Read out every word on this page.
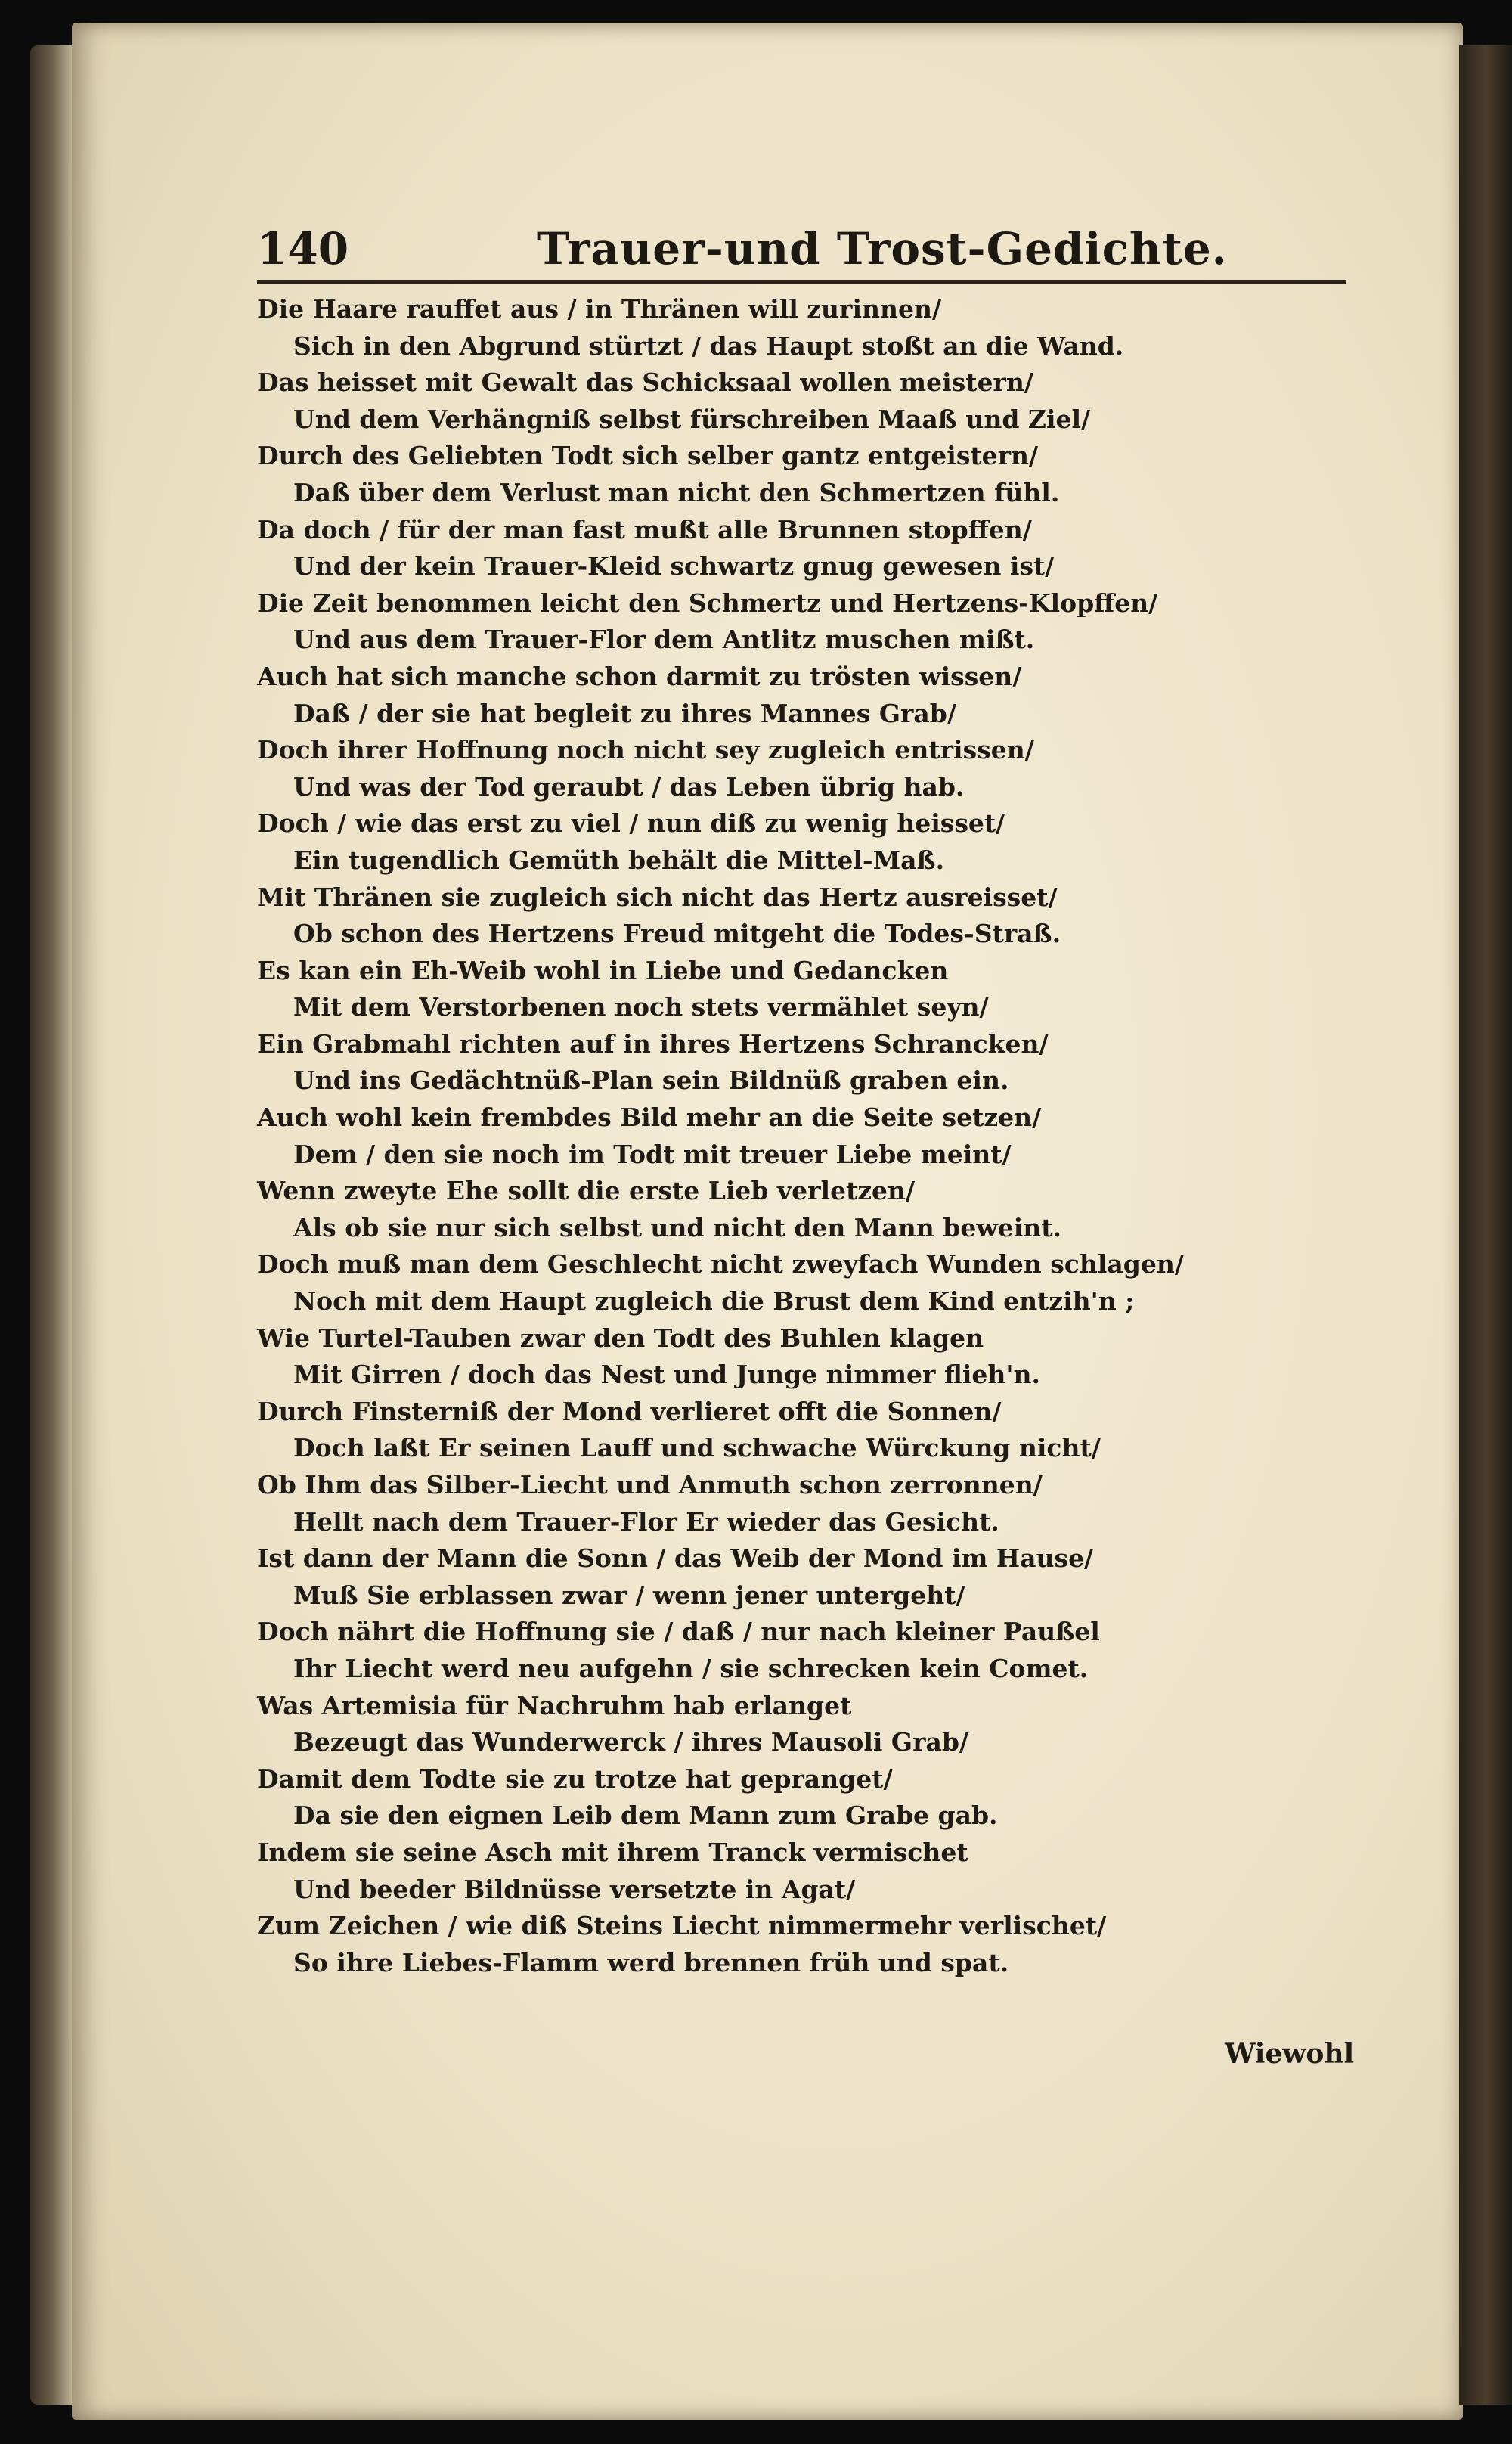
140	Trauer-und Trost-Gedichte.
Die Haare rauffet aus / in Thränen will zurinnen/
Sich in den Abgrund stürtzt / das Haupt stoßt an die Wand.
Das heisset mit Gewalt das Schicksaal wollen meistern/
Und dem Verhängniß selbst fürschreiben Maaß und Ziel/
Durch des Geliebten Todt sich selber gantz entgeistern/
Daß über dem Verlust man nicht den Schmertzen fühl.
Da doch / für der man fast mußt alle Brunnen stopffen/
Und der kein Trauer-Kleid schwartz gnug gewesen ist/
Die Zeit benommen leicht den Schmertz und Hertzens-Klopffen/
Und aus dem Trauer-Flor dem Antlitz muschen mißt.
Auch hat sich manche schon darmit zu trösten wissen/
Daß / der sie hat begleit zu ihres Mannes Grab/
Doch ihrer Hoffnung noch nicht sey zugleich entrissen/
Und was der Tod geraubt / das Leben übrig hab.
Doch / wie das erst zu viel / nun diß zu wenig heisset/
Ein tugendlich Gemüth behält die Mittel-Maß.
Mit Thränen sie zugleich sich nicht das Hertz ausreisset/
Ob schon des Hertzens Freud mitgeht die Todes-Straß.
Es kan ein Eh-Weib wohl in Liebe und Gedancken
Mit dem Verstorbenen noch stets vermählet seyn/
Ein Grabmahl richten auf in ihres Hertzens Schrancken/
Und ins Gedächtnüß-Plan sein Bildnüß graben ein.
Auch wohl kein frembdes Bild mehr an die Seite setzen/
Dem / den sie noch im Todt mit treuer Liebe meint/
Wenn zweyte Ehe sollt die erste Lieb verletzen/
Als ob sie nur sich selbst und nicht den Mann beweint.
Doch muß man dem Geschlecht nicht zweyfach Wunden schlagen/
Noch mit dem Haupt zugleich die Brust dem Kind entzih'n ;
Wie Turtel-Tauben zwar den Todt des Buhlen klagen
Mit Girren / doch das Nest und Junge nimmer flieh'n.
Durch Finsterniß der Mond verlieret offt die Sonnen/
Doch laßt Er seinen Lauff und schwache Würckung nicht/
Ob Ihm das Silber-Liecht und Anmuth schon zerronnen/
Hellt nach dem Trauer-Flor Er wieder das Gesicht.
Ist dann der Mann die Sonn / das Weib der Mond im Hause/
Muß Sie erblassen zwar / wenn jener untergeht/
Doch nährt die Hoffnung sie / daß / nur nach kleiner Paußel
Ihr Liecht werd neu aufgehn / sie schrecken kein Comet.
Was Artemisia für Nachruhm hab erlanget
Bezeugt das Wunderwerck / ihres Mausoli Grab/
Damit dem Todte sie zu trotze hat gepranget/
Da sie den eignen Leib dem Mann zum Grabe gab.
Indem sie seine Asch mit ihrem Tranck vermischet
Und beeder Bildnüsse versetzte in Agat/
Zum Zeichen / wie diß Steins Liecht nimmermehr verlischet/
So ihre Liebes-Flamm werd brennen früh und spat.
Wiewohl
